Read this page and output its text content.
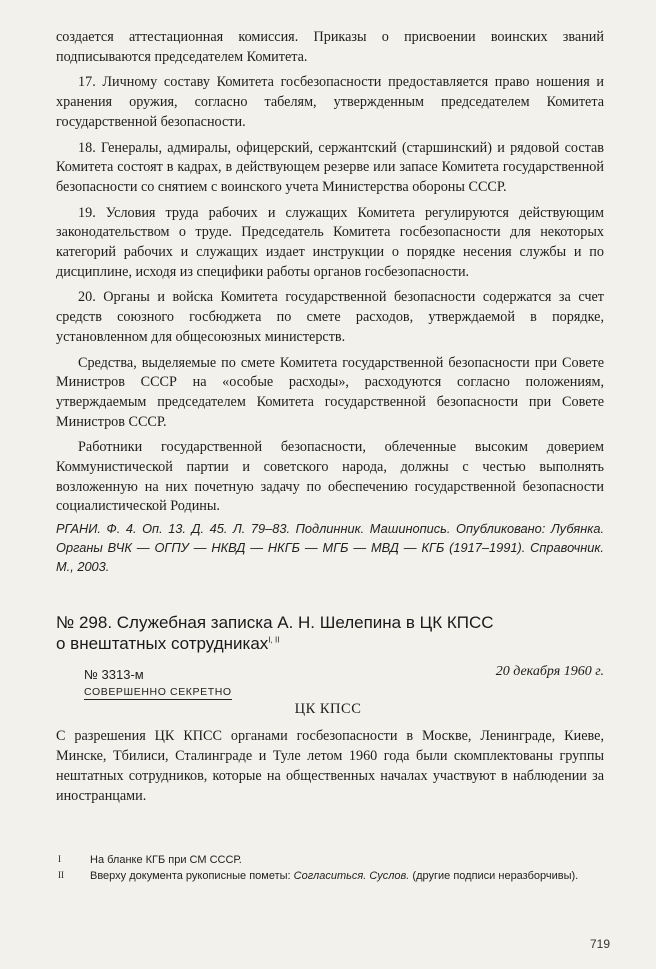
создается аттестационная комиссия. Приказы о присвоении воинских званий подписываются председателем Комитета.

17. Личному составу Комитета госбезопасности предоставляется право ношения и хранения оружия, согласно табелям, утвержденным председателем Комитета государственной безопасности.

18. Генералы, адмиралы, офицерский, сержантский (старшинский) и рядовой состав Комитета состоят в кадрах, в действующем резерве или запасе Комитета государственной безопасности со снятием с воинского учета Министерства обороны СССР.

19. Условия труда рабочих и служащих Комитета регулируются действующим законодательством о труде. Председатель Комитета госбезопасности для некоторых категорий рабочих и служащих издает инструкции о порядке несения службы и по дисциплине, исходя из специфики работы органов госбезопасности.

20. Органы и войска Комитета государственной безопасности содержатся за счет средств союзного госбюджета по смете расходов, утверждаемой в порядке, установленном для общесоюзных министерств.

Средства, выделяемые по смете Комитета государственной безопасности при Совете Министров СССР на «особые расходы», расходуются согласно положениям, утверждаемым председателем Комитета государственной безопасности при Совете Министров СССР.

Работники государственной безопасности, облеченные высоким доверием Коммунистической партии и советского народа, должны с честью выполнять возложенную на них почетную задачу по обеспечению государственной безопасности социалистической Родины.

РГАНИ. Ф. 4. Оп. 13. Д. 45. Л. 79–83. Подлинник. Машинопись. Опубликовано: Лубянка. Органы ВЧК — ОГПУ — НКВД — НКГБ — МГБ — МВД — КГБ (1917–1991). Справочник. М., 2003.
№ 298. Служебная записка А. Н. Шелепина в ЦК КПСС
о внештатных сотрудниках$^{I, II}$
№ 3313-м	20 декабря 1960 г.
СОВЕРШЕННО СЕКРЕТНО
ЦК КПСС

С разрешения ЦК КПСС органами госбезопасности в Москве, Ленинграде, Киеве, Минске, Тбилиси, Сталинграде и Туле летом 1960 года были скомплектованы группы нештатных сотрудников, которые на общественных началах участвуют в наблюдении за иностранцами.

I	На бланке КГБ при СМ СССР.
II Вверху документа рукописные пометы: Согласиться. Суслов. (другие подписи неразборчивы).
719
